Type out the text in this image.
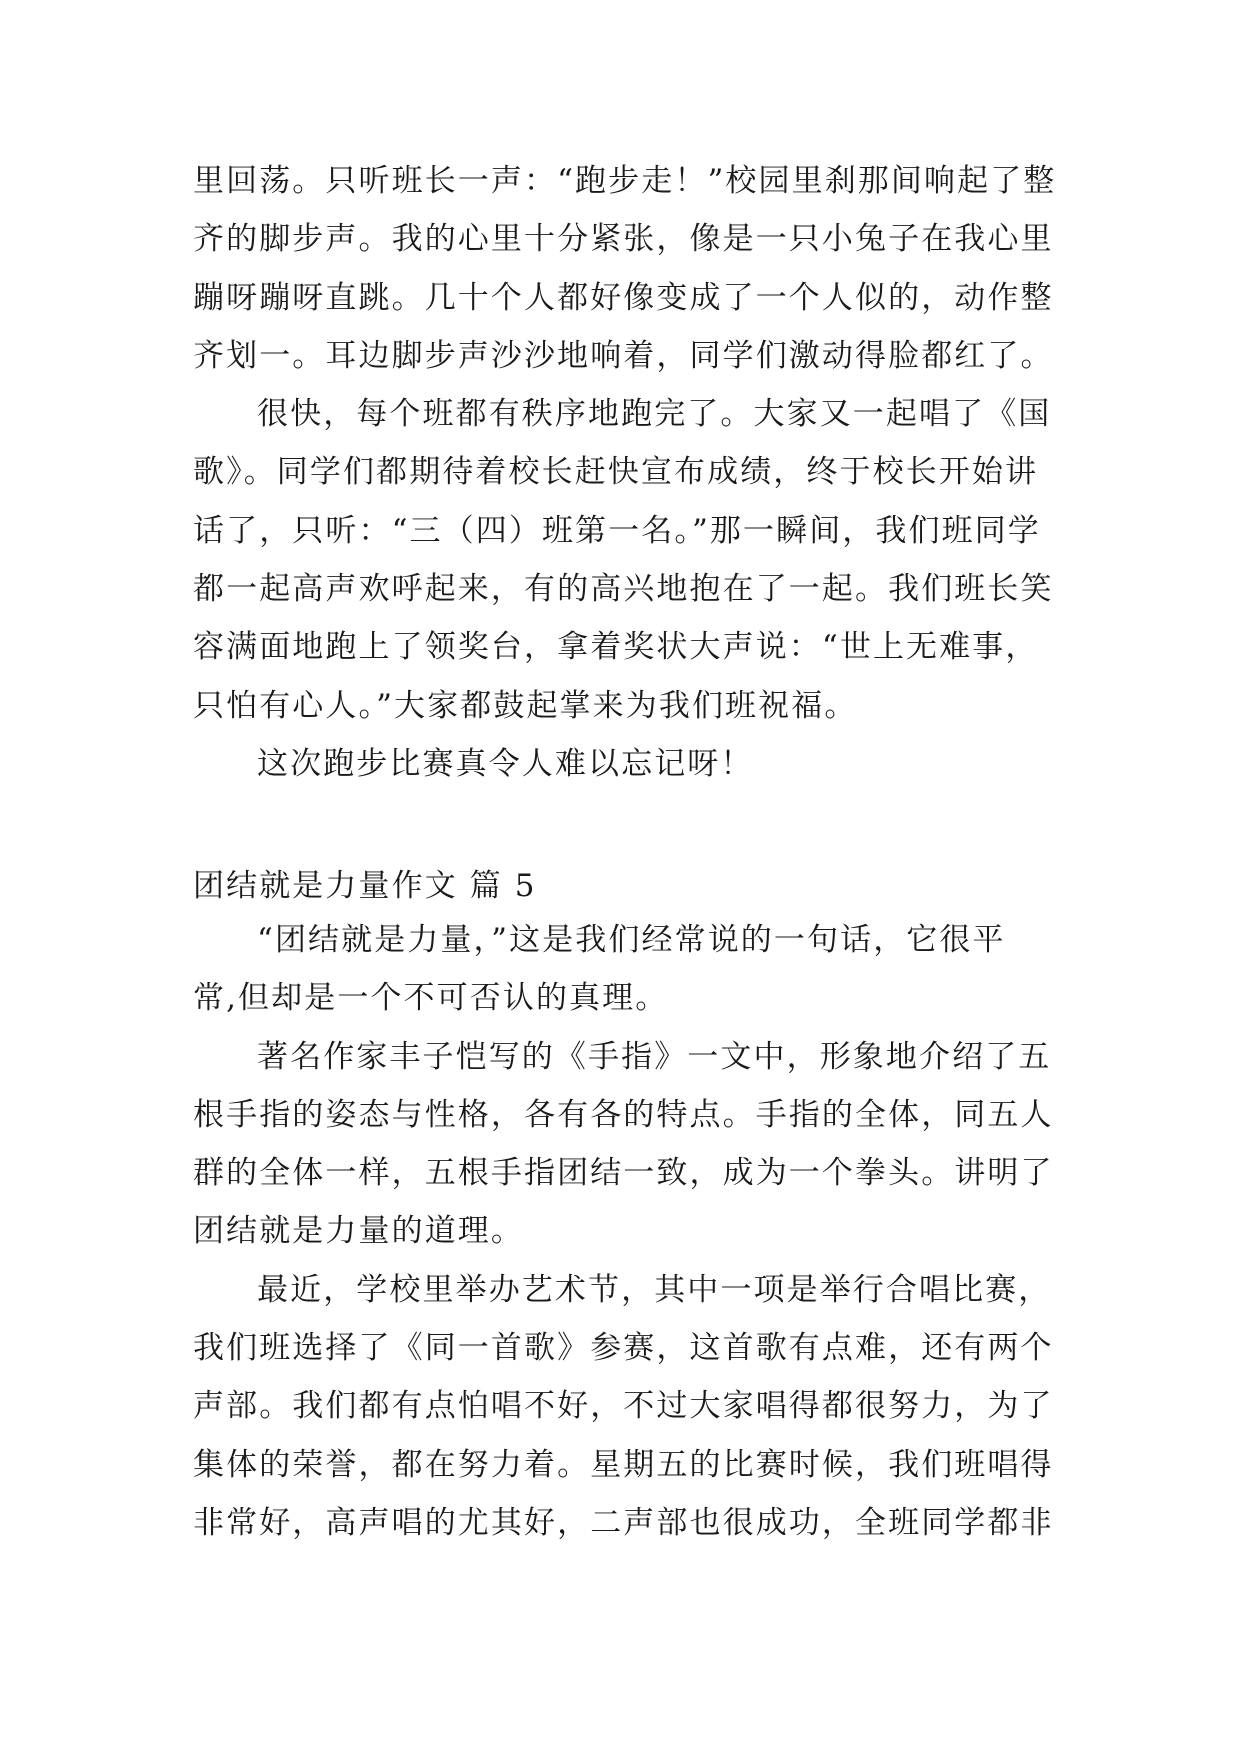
里回荡。只听班长一声：“跑步走！”校园里刹那间响起了整
齐的脚步声。我的心里十分紧张，像是一只小兔子在我心里
蹦呀蹦呀直跳。几十个人都好像变成了一个人似的，动作整
齐划一。耳边脚步声沙沙地响着，同学们激动得脸都红了。
很快，每个班都有秩序地跑完了。大家又一起唱了《国
歌》。同学们都期待着校长赶快宣布成绩，终于校长开始讲
话了，只听：“三（四）班第一名。”那一瞬间，我们班同学
都一起高声欢呼起来，有的高兴地抱在了一起。我们班长笑
容满面地跑上了领奖台，拿着奖状大声说：“世上无难事，
只怕有心人。”大家都鼓起掌来为我们班祝福。
这次跑步比赛真令人难以忘记呀！
团结就是力量作文 篇 5
“团结就是力量，”这是我们经常说的一句话，它很平
常,但却是一个不可否认的真理。
著名作家丰子恺写的《手指》一文中，形象地介绍了五
根手指的姿态与性格，各有各的特点。手指的全体，同五人
群的全体一样，五根手指团结一致，成为一个拳头。讲明了
团结就是力量的道理。
最近，学校里举办艺术节，其中一项是举行合唱比赛，
我们班选择了《同一首歌》参赛，这首歌有点难，还有两个
声部。我们都有点怕唱不好，不过大家唱得都很努力，为了
集体的荣誉，都在努力着。星期五的比赛时候，我们班唱得
非常好，高声唱的尤其好，二声部也很成功，全班同学都非
